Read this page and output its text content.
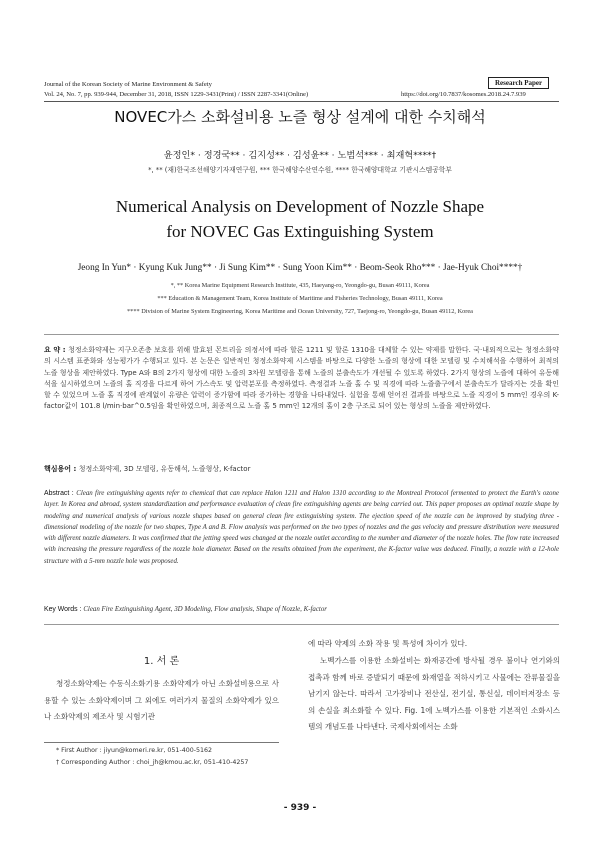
Journal of the Korean Society of Marine Environment & Safety	Research Paper
Vol. 24, No. 7, pp. 939-944, December 31, 2018, ISSN 1229-3431(Print) / ISSN 2287-3341(Online)	https://doi.org/10.7837/kosomes.2018.24.7.939
NOVEC가스 소화설비용 노즐 형상 설계에 대한 수치해석
윤정인* · 정경국** · 김지성** · 김성윤** · 노범석*** · 최재혁****†
*, ** (재)한국조선해양기자재연구원, *** 한국해양수산연수원, **** 한국해양대학교 기관시스템공학부
Numerical Analysis on Development of Nozzle Shape
for NOVEC Gas Extinguishing System
Jeong In Yun* · Kyung Kuk Jung** · Ji Sung Kim** · Sung Yoon Kim** · Beom-Seok Rho*** · Jae-Hyuk Choi****†
*, ** Korea Marine Equipment Research Institute, 435, Haeyang-ro, Yeongdo-gu, Busan 49111, Korea
*** Education & Management Team, Korea Institute of Maritime and Fisheries Technology, Busan 49111, Korea
**** Division of Marine System Engineering, Korea Maritime and Ocean University, 727, Taejong-ro, Yeongdo-gu, Busan 49112, Korea
요 약 : 청정소화약제는 지구오존층 보호를 위해 발효된 몬트리올 의정서에 따라 할론 1211 및 할론 1310을 대체할 수 있는 약제를 말한다. 국·내외적으로는 청정소화약의 시스템 표준화와 성능평가가 수행되고 있다. 본 논문은 일반적인 청정소화약제 시스템을 바탕으로 다양한 노즐의 형상에 대한 모델링 및 수치해석을 수행하여 최적의 노즐 형상을 제안하였다. Type A와 B의 2가지 형상에 대한 노즐의 3차원 모델링을 통해 노즐의 분출속도가 개선될 수 있도록 하였다. 2가지 형상의 노즐에 대하여 유동해석을 실시하였으며 노즐의 홀 직경을 다르게 하여 가스속도 및 압력분포를 측정하였다. 측정결과 노즐 홀 수 및 직경에 따라 노즐출구에서 분출속도가 달라지는 것을 확인할 수 있었으며 노즐 홀 직경에 관계없이 유량은 압력이 증가함에 따라 증가하는 경향을 나타내었다. 실험을 통해 얻어진 결과를 바탕으로 노즐 직경이 5 mm인 경우의 K-factor값이 101.8 l/min·bar^0.5임을 확인하였으며, 최종적으로 노즐 홀 5 mm인 12개의 홀이 2층 구조로 되어 있는 형상의 노즐을 제안하였다.
핵심용어 : 청정소화약제, 3D 모델링, 유동해석, 노즐형상, K-factor
Abstract : Clean fire extinguishing agents refer to chemical that can replace Halon 1211 and Halon 1310 according to the Montreal Protocol fermented to protect the Earth's ozone layer. In Korea and abroad, system standardization and performance evaluation of clean fire extinguishing agents are being carried out. This paper proposes an optimal nozzle shape by modeling and numerical analysis of various nozzle shapes based on general clean fire extinguishing system. The ejection speed of the nozzle can be improved by studying three - dimensional modeling of the nozzle for two shapes, Type A and B. Flow analysis was performed on the two types of nozzles and the gas velocity and pressure distribution were measured with different nozzle diameters. It was confirmed that the jetting speed was changed at the nozzle outlet according to the number and diameter of the nozzle holes. The flow rate increased with increasing the pressure regardless of the nozzle hole diameter. Based on the results obtained from the experiment, the K-factor value was deduced. Finally, a nozzle with a 12-hole structure with a 5-mm nozzle hole was proposed.
Key Words : Clean Fire Extinguishing Agent, 3D Modeling, Flow analysis, Shape of Nozzle, K-factor
1. 서 론
청정소화약제는 수동식소화기용 소화약제가 아닌 소화설비용으로 사용할 수 있는 소화약제이며 그 외에도 여러가지 물질의 소화약제가 있으나 소화약제의 제조사 및 시험기관
* First Author : jiyun@komeri.re.kr, 051-400-5162
† Corresponding Author : choi_jh@kmou.ac.kr, 051-410-4257
에 따라 약제의 소화 작용 및 특성에 차이가 있다.
노벡가스를 이용한 소화설비는 화재공간에 방사될 경우 불이나 연기와의 접촉과 함께 바로 증발되기 때문에 화재열을 적하시키고 사물에는 잔류물질을 남기지 않는다. 따라서 고가장비나 전산실, 전기실, 통신실, 데이터저장소 등의 손실을 최소화할 수 있다. Fig. 1에 노벡가스를 이용한 기본적인 소화시스템의 개념도를 나타낸다. 국제사회에서는 소화
- 939 -
